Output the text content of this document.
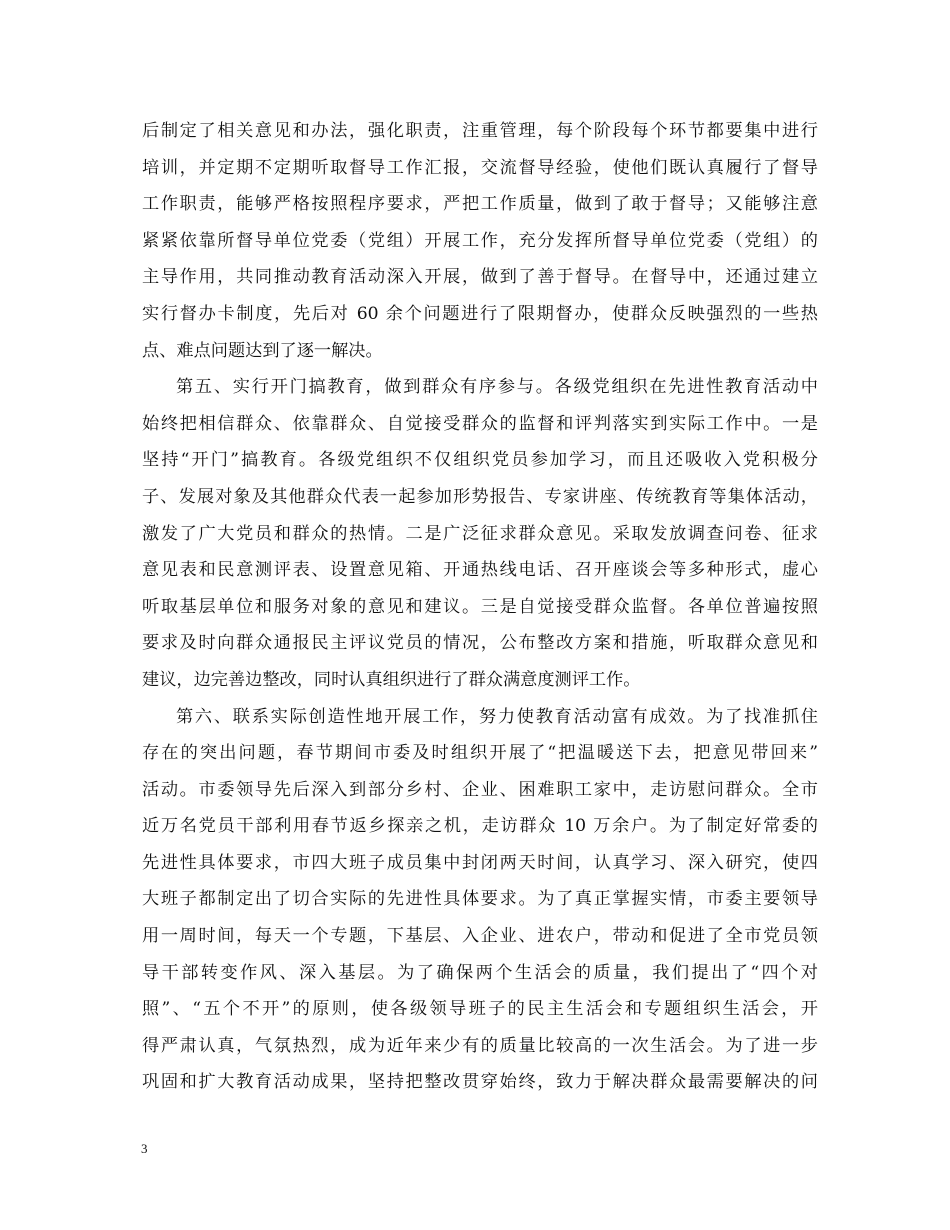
后制定了相关意见和办法，强化职责，注重管理，每个阶段每个环节都要集中进行
培训，并定期不定期听取督导工作汇报，交流督导经验，使他们既认真履行了督导
工作职责，能够严格按照程序要求，严把工作质量，做到了敢于督导；又能够注意
紧紧依靠所督导单位党委（党组）开展工作，充分发挥所督导单位党委（党组）的
主导作用，共同推动教育活动深入开展，做到了善于督导。在督导中，还通过建立
实行督办卡制度，先后对 60 余个问题进行了限期督办，使群众反映强烈的一些热
点、难点问题达到了逐一解决。
第五、实行开门搞教育，做到群众有序参与。各级党组织在先进性教育活动中
始终把相信群众、依靠群众、自觉接受群众的监督和评判落实到实际工作中。一是
坚持“开门”搞教育。各级党组织不仅组织党员参加学习，而且还吸收入党积极分
子、发展对象及其他群众代表一起参加形势报告、专家讲座、传统教育等集体活动，
激发了广大党员和群众的热情。二是广泛征求群众意见。采取发放调查问卷、征求
意见表和民意测评表、设置意见箱、开通热线电话、召开座谈会等多种形式，虚心
听取基层单位和服务对象的意见和建议。三是自觉接受群众监督。各单位普遍按照
要求及时向群众通报民主评议党员的情况，公布整改方案和措施，听取群众意见和
建议，边完善边整改，同时认真组织进行了群众满意度测评工作。
第六、联系实际创造性地开展工作，努力使教育活动富有成效。为了找准抓住
存在的突出问题，春节期间市委及时组织开展了“把温暖送下去，把意见带回来”
活动。市委领导先后深入到部分乡村、企业、困难职工家中，走访慰问群众。全市
近万名党员干部利用春节返乡探亲之机，走访群众 10 万余户。为了制定好常委的
先进性具体要求，市四大班子成员集中封闭两天时间，认真学习、深入研究，使四
大班子都制定出了切合实际的先进性具体要求。为了真正掌握实情，市委主要领导
用一周时间，每天一个专题，下基层、入企业、进农户，带动和促进了全市党员领
导干部转变作风、深入基层。为了确保两个生活会的质量，我们提出了“四个对
照”、“五个不开”的原则，使各级领导班子的民主生活会和专题组织生活会，开
得严肃认真，气氛热烈，成为近年来少有的质量比较高的一次生活会。为了进一步
巩固和扩大教育活动成果，坚持把整改贯穿始终，致力于解决群众最需要解决的问
3
